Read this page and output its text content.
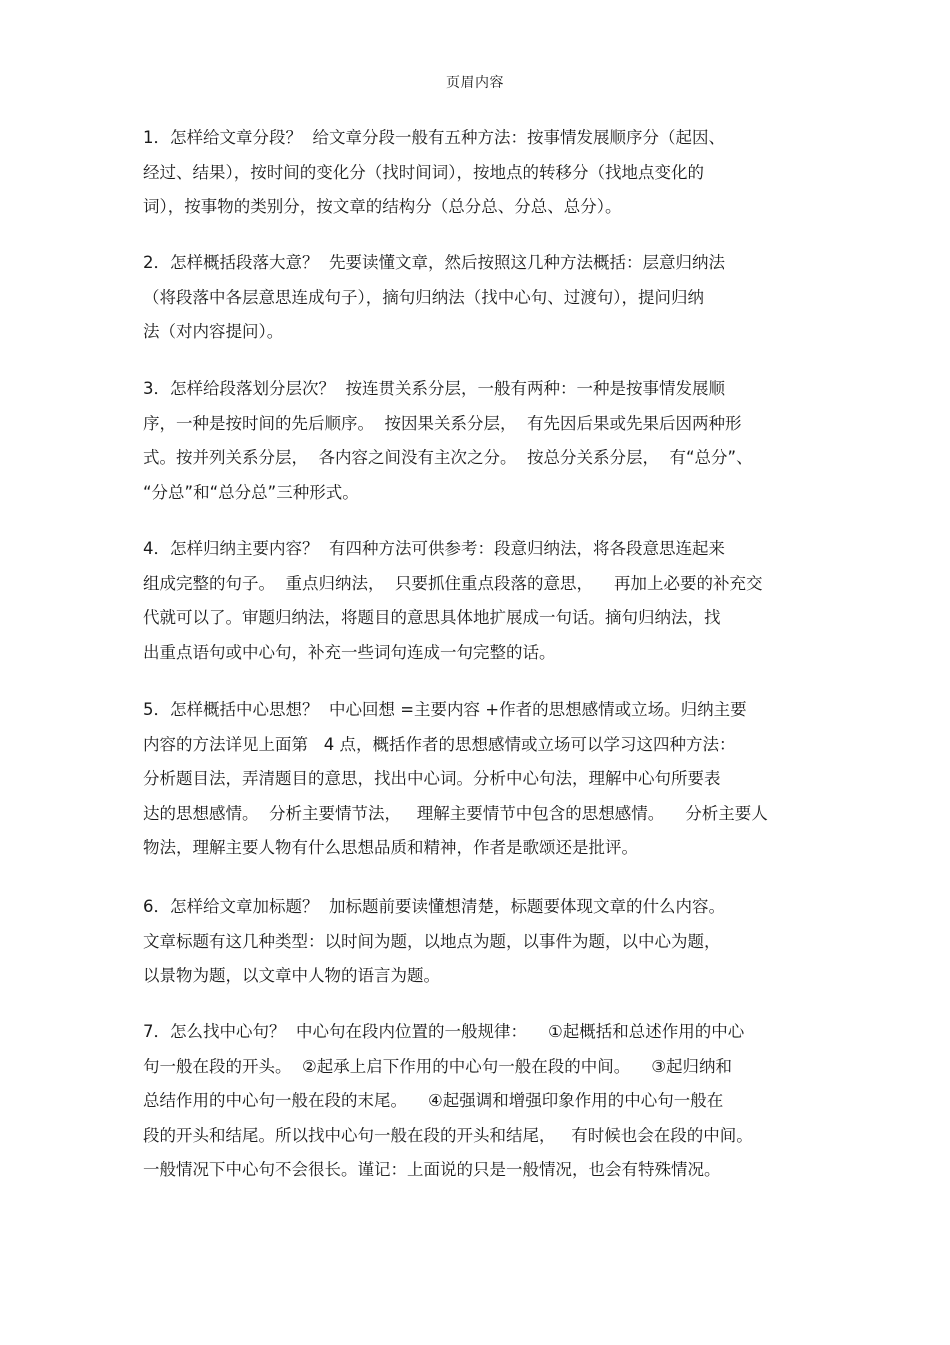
页眉内容
1．怎样给文章分段？  给文章分段一般有五种方法：按事情发展顺序分（起因、
经过、结果），按时间的变化分（找时间词），按地点的转移分（找地点变化的
词），按事物的类别分，按文章的结构分（总分总、分总、总分）。
2．怎样概括段落大意？  先要读懂文章，然后按照这几种方法概括：层意归纳法
（将段落中各层意思连成句子），摘句归纳法（找中心句、过渡句），提问归纳
法（对内容提问）。
3．怎样给段落划分层次？  按连贯关系分层，一般有两种：一种是按事情发展顺
序，一种是按时间的先后顺序。  按因果关系分层，  有先因后果或先果后因两种形
式。按并列关系分层，  各内容之间没有主次之分。  按总分关系分层，  有“总分”、
“分总”和“总分总”三种形式。
4．怎样归纳主要内容？  有四种方法可供参考：段意归纳法，将各段意思连起来
组成完整的句子。  重点归纳法，  只要抓住重点段落的意思，    再加上必要的补充交
代就可以了。审题归纳法，将题目的意思具体地扩展成一句话。摘句归纳法，找
出重点语句或中心句，补充一些词句连成一句完整的话。
5．怎样概括中心思想？  中心回想 =主要内容 +作者的思想感情或立场。归纳主要
内容的方法详见上面第   4 点，概括作者的思想感情或立场可以学习这四种方法：
分析题目法，弄清题目的意思，找出中心词。分析中心句法，理解中心句所要表
达的思想感情。  分析主要情节法，   理解主要情节中包含的思想感情。    分析主要人
物法，理解主要人物有什么思想品质和精神，作者是歌颂还是批评。
6．怎样给文章加标题？  加标题前要读懂想清楚，标题要体现文章的什么内容。
文章标题有这几种类型：以时间为题，以地点为题，以事件为题，以中心为题，
以景物为题，以文章中人物的语言为题。
7．怎么找中心句？  中心句在段内位置的一般规律：    ①起概括和总述作用的中心
句一般在段的开头。  ②起承上启下作用的中心句一般在段的中间。    ③起归纳和
总结作用的中心句一般在段的末尾。    ④起强调和增强印象作用的中心句一般在
段的开头和结尾。所以找中心句一般在段的开头和结尾，   有时候也会在段的中间。
一般情况下中心句不会很长。谨记：上面说的只是一般情况，也会有特殊情况。
